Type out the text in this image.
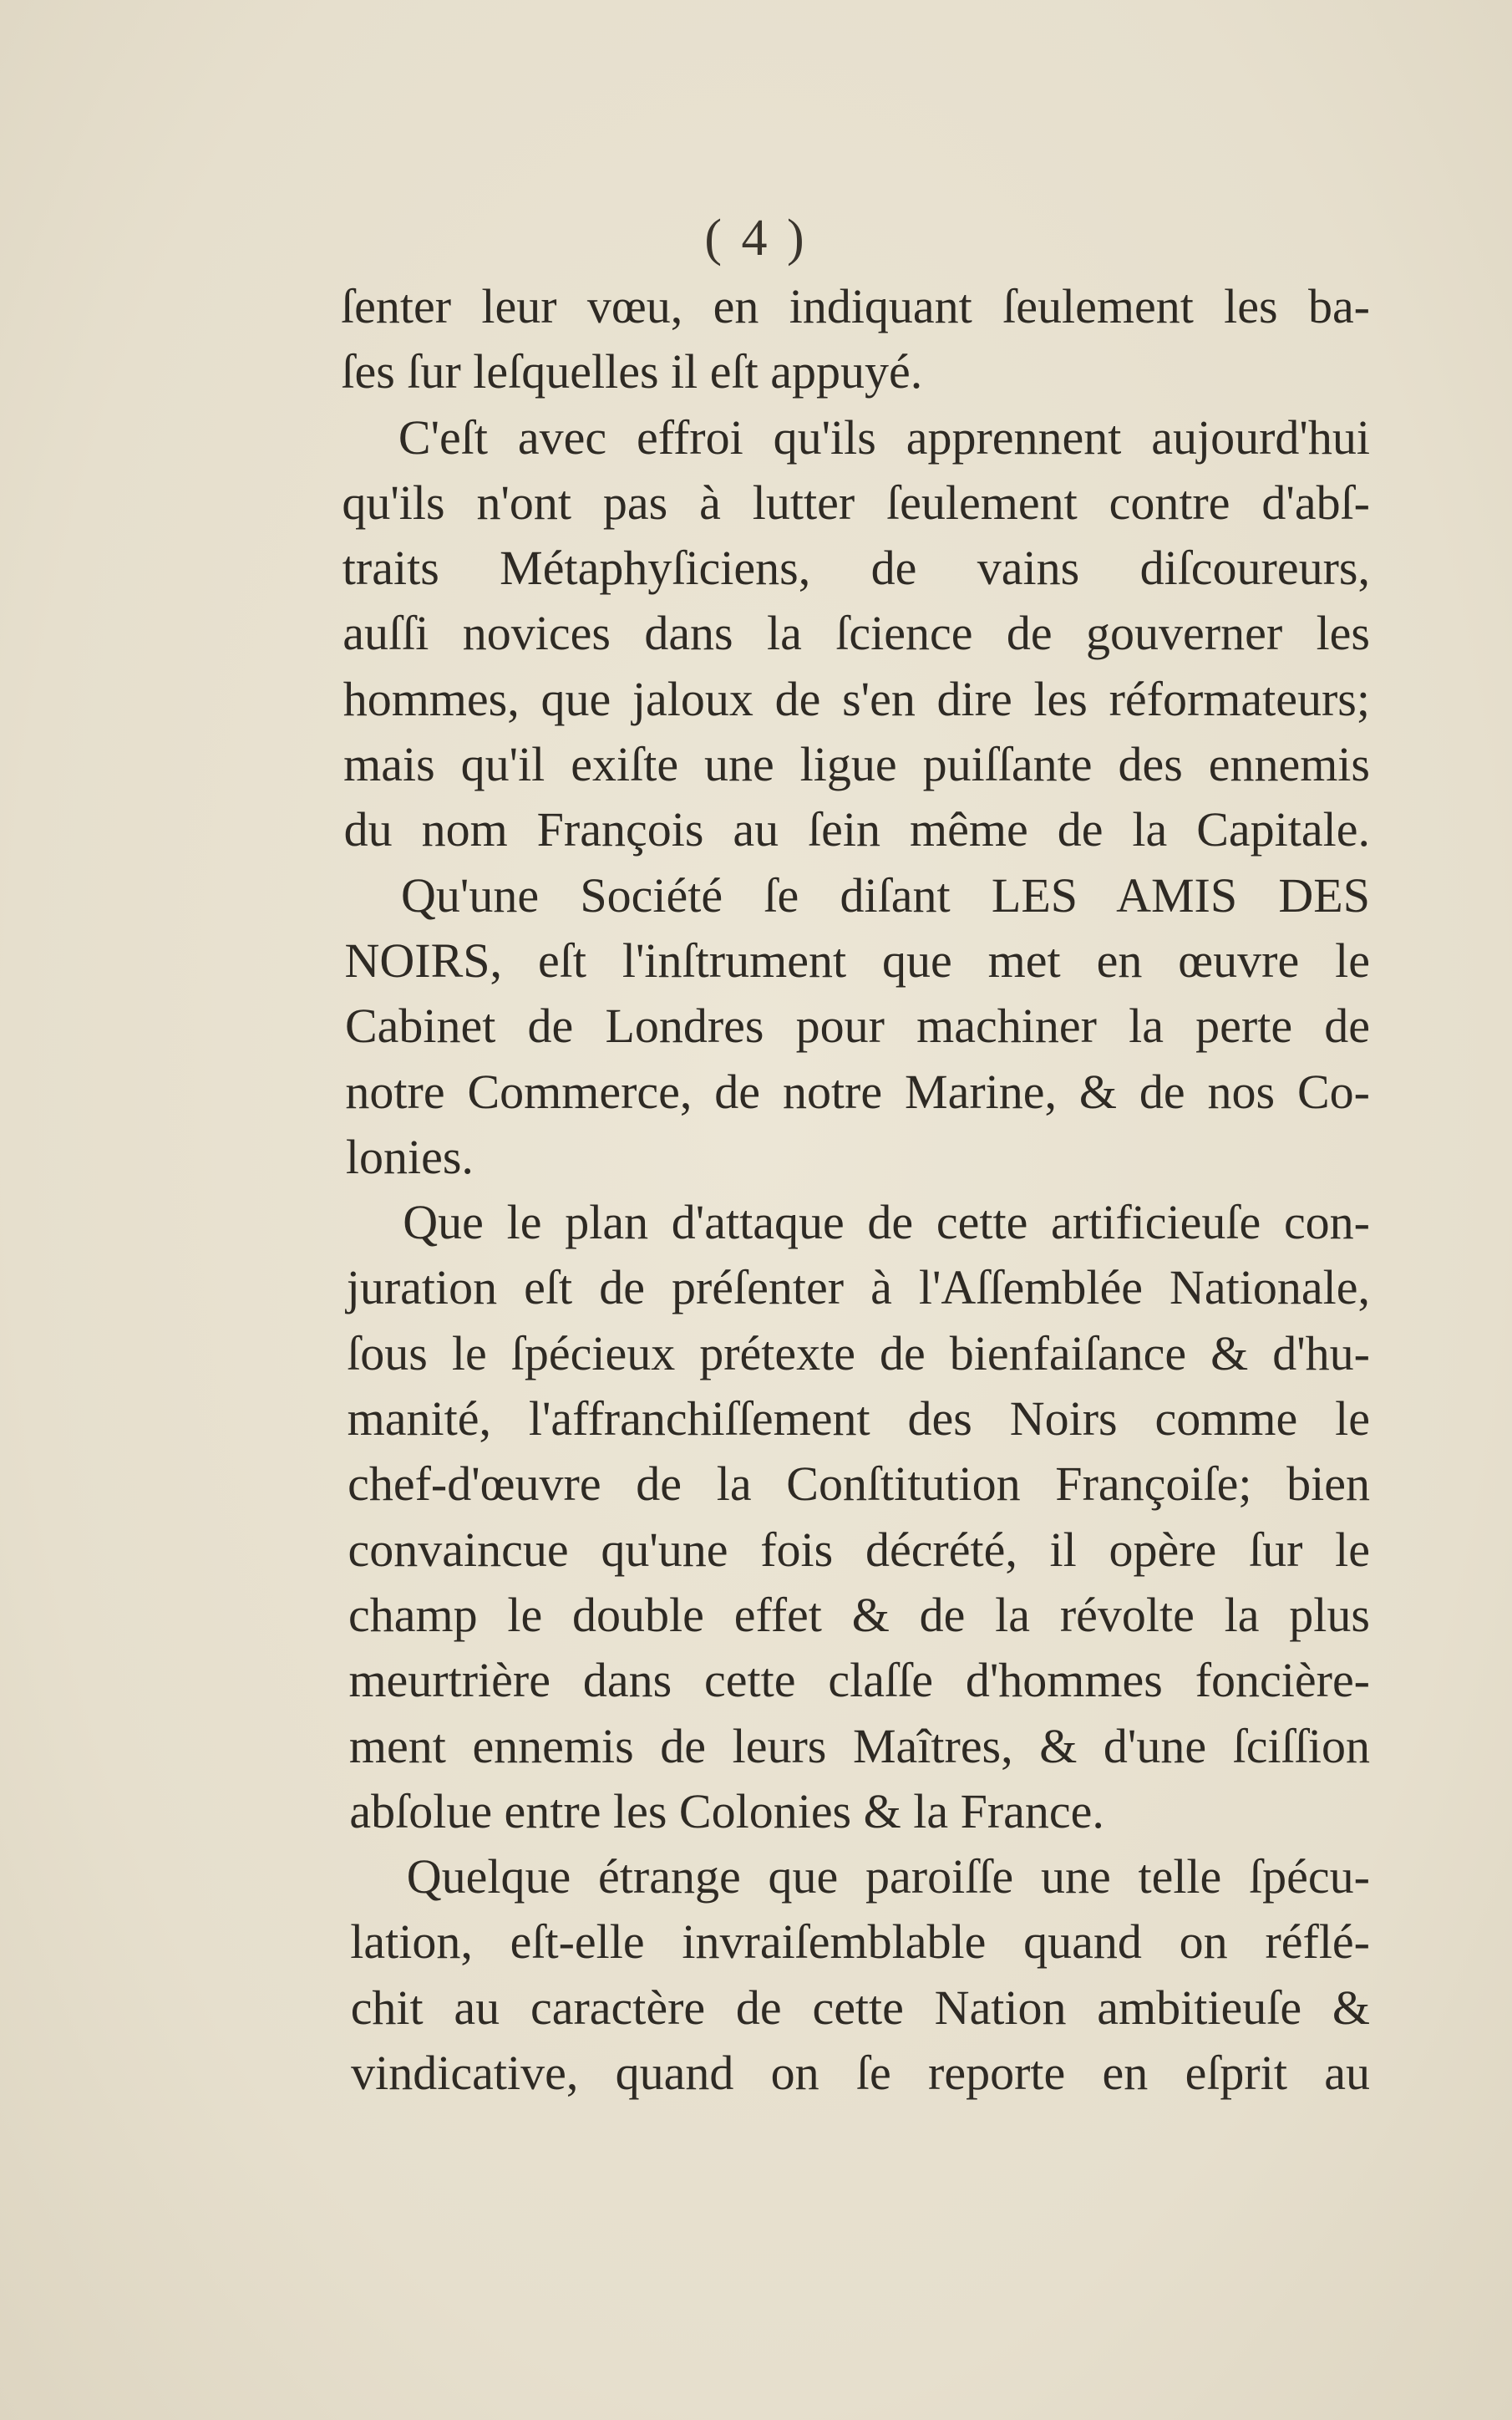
( 4 )
ſenter leur vœu, en indiquant ſeulement les ba-
ſes ſur leſquelles il eſt appuyé.
C'eſt avec effroi qu'ils apprennent aujourd'hui
qu'ils n'ont pas à lutter ſeulement contre d'abſ-
traits Métaphyſiciens, de vains diſcoureurs,
auſſi novices dans la ſcience de gouverner les
hommes, que jaloux de s'en dire les réformateurs;
mais qu'il exiſte une ligue puiſſante des ennemis
du nom François au ſein même de la Capitale.
Qu'une Société ſe diſant LES AMIS DES
NOIRS, eſt l'inſtrument que met en œuvre le
Cabinet de Londres pour machiner la perte de
notre Commerce, de notre Marine, & de nos Co-
lonies.
Que le plan d'attaque de cette artificieuſe con-
juration eſt de préſenter à l'Aſſemblée Nationale,
ſous le ſpécieux prétexte de bienfaiſance & d'hu-
manité, l'affranchiſſement des Noirs comme le
chef-d'œuvre de la Conſtitution Françoiſe; bien
convaincue qu'une fois décrété, il opère ſur le
champ le double effet & de la révolte la plus
meurtrière dans cette claſſe d'hommes foncière-
ment ennemis de leurs Maîtres, & d'une ſciſſion
abſolue entre les Colonies & la France.
Quelque étrange que paroiſſe une telle ſpécu-
lation, eſt-elle invraiſemblable quand on réflé-
chit au caractère de cette Nation ambitieuſe &
vindicative, quand on ſe reporte en eſprit au
